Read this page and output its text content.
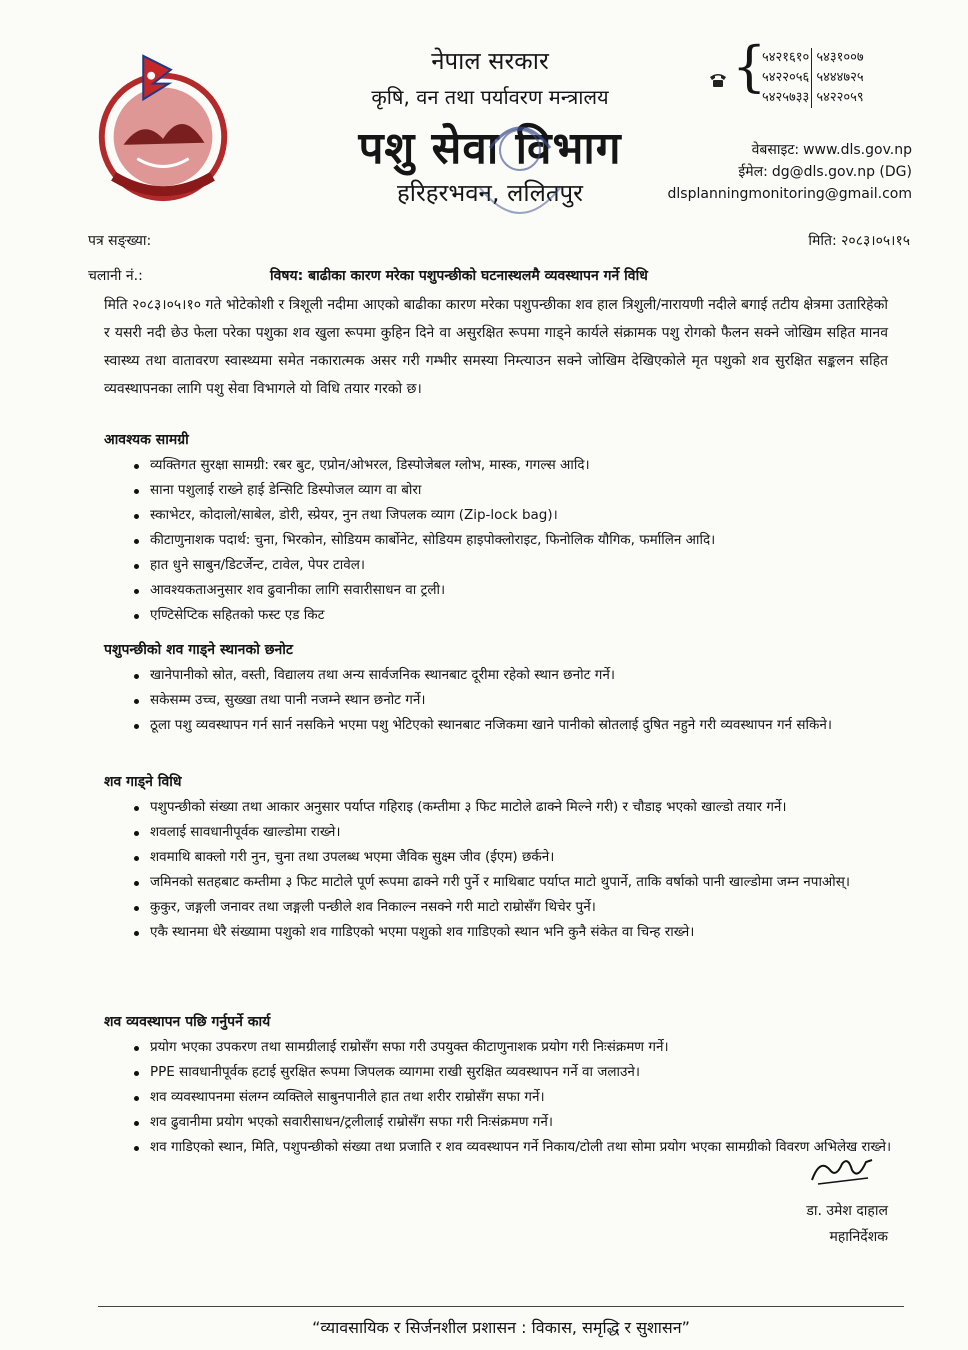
नेपाल सरकार
कृषि, वन तथा पर्यावरण मन्त्रालय
पशु सेवा विभाग
हरिहरभवन, ललितपुर
{
५४२१६१०
५४२२०५६
५४२५७३३
५४३१००७
५४४४७२५
५४२२०५९
वेबसाइट: www.dls.gov.np
ईमेल: dg@dls.gov.np (DG)
dlsplanningmonitoring@gmail.com
पत्र सङ्ख्या:	मिति: २०८३।०५।१५
चलानी नं.:	विषय: बाढीका कारण मरेका पशुपन्छीको घटनास्थलमै व्यवस्थापन गर्ने विधि
मिति २०८३।०५।१० गते भोटेकोशी र त्रिशूली नदीमा आएको बाढीका कारण मरेका पशुपन्छीका शव हाल त्रिशुली/नारायणी नदीले बगाई तटीय क्षेत्रमा उतारिहेको र यसरी नदी छेउ फेला परेका पशुका शव खुला रूपमा कुहिन दिने वा असुरक्षित रूपमा गाड्ने कार्यले संक्रामक पशु रोगको फैलन सक्ने जोखिम सहित मानव स्वास्थ्य तथा वातावरण स्वास्थ्यमा समेत नकारात्मक असर गरी गम्भीर समस्या निम्त्याउन सक्ने जोखिम देखिएकोले मृत पशुको शव सुरक्षित सङ्कलन सहित व्यवस्थापनका लागि पशु सेवा विभागले यो विधि तयार गरको छ।
आवश्यक सामग्री
व्यक्तिगत सुरक्षा सामग्री: रबर बुट, एप्रोन/ओभरल, डिस्पोजेबल ग्लोभ, मास्क, गगल्स आदि।
साना पशुलाई राख्ने हाई डेन्सिटि डिस्पोजल व्याग वा बोरा
स्काभेटर, कोदालो/साबेल, डोरी, स्प्रेयर, नुन तथा जिपलक व्याग (Zip-lock bag)।
कीटाणुनाशक पदार्थ: चुना, भिरकोन, सोडियम कार्बोनेट, सोडियम हाइपोक्लोराइट, फिनोलिक यौगिक, फर्मालिन आदि।
हात धुने साबुन/डिटर्जेन्ट, टावेल, पेपर टावेल।
आवश्यकताअनुसार शव ढुवानीका लागि सवारीसाधन वा ट्रली।
एण्टिसेप्टिक सहितको फस्ट एड किट
पशुपन्छीको शव गाड्ने स्थानको छनोट
खानेपानीको स्रोत, वस्ती, विद्यालय तथा अन्य सार्वजनिक स्थानबाट दूरीमा रहेको स्थान छनोट गर्ने।
सकेसम्म उच्च, सुख्खा तथा पानी नजम्ने स्थान छनोट गर्ने।
ठूला पशु व्यवस्थापन गर्न सार्न नसकिने भएमा पशु भेटिएको स्थानबाट नजिकमा खाने पानीको स्रोतलाई दुषित नहुने गरी व्यवस्थापन गर्न सकिने।
शव गाड्ने विधि
पशुपन्छीको संख्या तथा आकार अनुसार पर्याप्त गहिराइ (कम्तीमा ३ फिट माटोले ढाक्ने मिल्ने गरी) र चौडाइ भएको खाल्डो तयार गर्ने।
शवलाई सावधानीपूर्वक खाल्डोमा राख्ने।
शवमाथि बाक्लो गरी नुन, चुना तथा उपलब्ध भएमा जैविक सुक्ष्म जीव (ईएम) छर्कने।
जमिनको सतहबाट कम्तीमा ३ फिट माटोले पूर्ण रूपमा ढाक्ने गरी पुर्ने र माथिबाट पर्याप्त माटो थुपार्ने, ताकि वर्षाको पानी खाल्डोमा जम्न नपाओस्।
कुकुर, जङ्गली जनावर तथा जङ्गली पन्छीले शव निकाल्न नसक्ने गरी माटो राम्रोसँग थिचेर पुर्ने।
एकै स्थानमा धेरै संख्यामा पशुको शव गाडिएको भएमा पशुको शव गाडिएको स्थान भनि कुनै संकेत वा चिन्ह राख्ने।
शव व्यवस्थापन पछि गर्नुपर्ने कार्य
प्रयोग भएका उपकरण तथा सामग्रीलाई राम्रोसँग सफा गरी उपयुक्त कीटाणुनाशक प्रयोग गरी निःसंक्रमण गर्ने।
PPE सावधानीपूर्वक हटाई सुरक्षित रूपमा जिपलक व्यागमा राखी सुरक्षित व्यवस्थापन गर्ने वा जलाउने।
शव व्यवस्थापनमा संलग्न व्यक्तिले साबुनपानीले हात तथा शरीर राम्रोसँग सफा गर्ने।
शव ढुवानीमा प्रयोग भएको सवारीसाधन/ट्रलीलाई राम्रोसँग सफा गरी निःसंक्रमण गर्ने।
शव गाडिएको स्थान, मिति, पशुपन्छीको संख्या तथा प्रजाति र शव व्यवस्थापन गर्ने निकाय/टोली तथा सोमा प्रयोग भएका सामग्रीको विवरण अभिलेख राख्ने।
डा. उमेश दाहाल
महानिर्देशक
“व्यावसायिक र सिर्जनशील प्रशासन : विकास, समृद्धि र सुशासन”
